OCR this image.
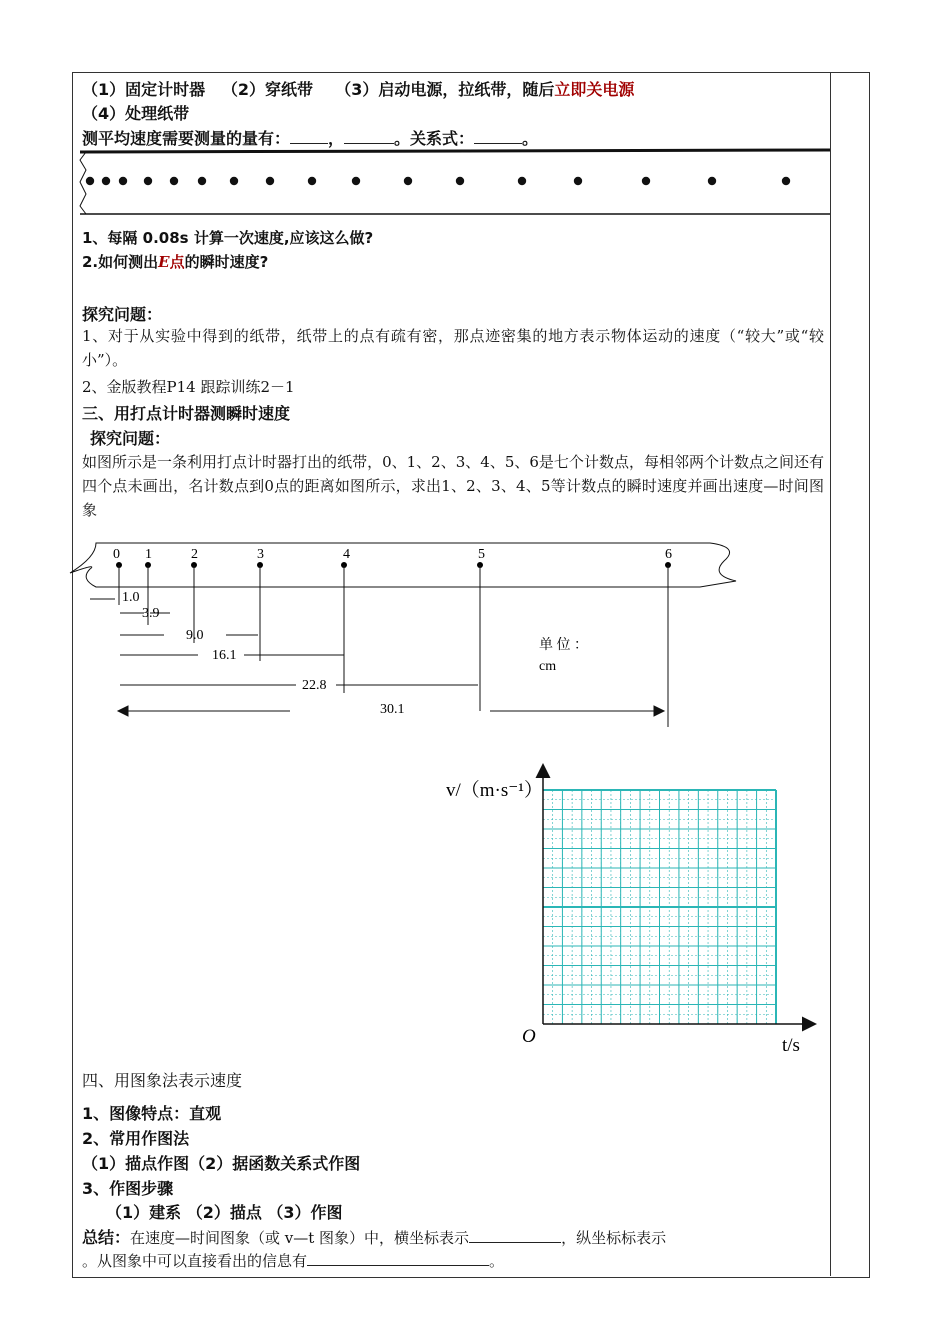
（1）固定计时器 （2）穿纸带 （3）启动电源，拉纸带，随后立即关电源
（4）处理纸带
测平均速度需要测量的量有： ，	。关系式：	。
1、每隔 0.08s 计算一次速度,应该这么做?
2.如何测出E点的瞬时速度?
探究问题：
1、对于从实验中得到的纸带，纸带上的点有疏有密，那点迹密集的地方表示物体运动的速度（“较大”或“较小”）。
2、金版教程P14 跟踪训练2－1
三、用打点计时器测瞬时速度
探究问题：
如图所示是一条利用打点计时器打出的纸带，0、1、2、3、4、5、6是七个计数点，每相邻两个计数点之间还有四个点未画出，名计数点到0点的距离如图所示，求出1、2、3、4、5等计数点的瞬时速度并画出速度—时间图象
0 1	2	3	4	5	6
1.0
3.9
9.0
16.1
22.8
30.1
单 位 ：
cm
v/（m·s⁻¹）
O	t/s
四、用图象法表示速度
1、图像特点：直观
2、常用作图法
（1）描点作图（2）据函数关系式作图
3、作图步骤
（1）建系 （2）描点 （3）作图
总结：在速度—时间图象（或 v—t 图象）中，横坐标表示	，纵坐标标表示
。从图象中可以直接看出的信息有	。
